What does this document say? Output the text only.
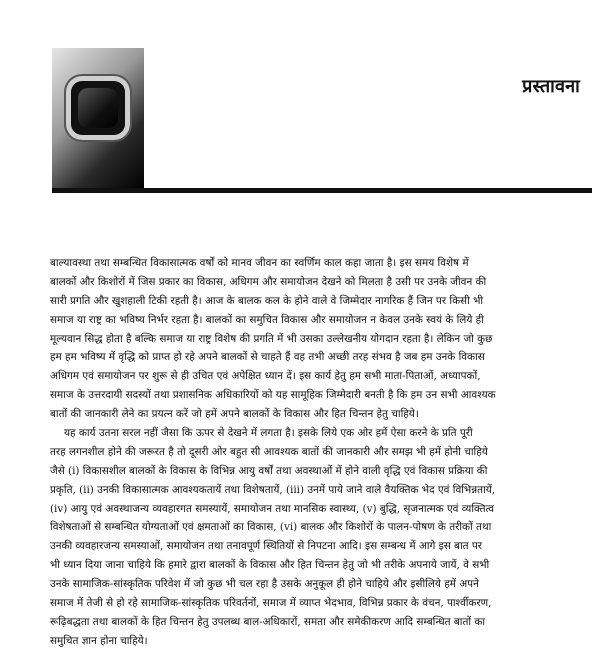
प्रस्तावना
बाल्यावस्था तथा सम्बन्धित विकासात्मक वर्षों को मानव जीवन का स्वर्णिम काल कहा जाता है। इस समय विशेष में
बालकों और किशोरों में जिस प्रकार का विकास, अधिगम और समायोजन देखने को मिलता है उसी पर उनके जीवन की
सारी प्रगति और खुशहाली टिकी रहती है। आज के बालक कल के होने वाले वे जिम्मेदार नागरिक हैं जिन पर किसी भी
समाज या राष्ट्र का भविष्य निर्भर रहता है। बालकों का समुचित विकास और समायोजन न केवल उनके स्वयं के लिये ही
मूल्यवान सिद्ध होता है बल्कि समाज या राष्ट्र विशेष की प्रगति में भी उसका उल्लेखनीय योगदान रहता है। लेकिन जो कुछ
हम हम भविष्य में वृद्धि को प्राप्त हो रहे अपने बालकों से चाहते हैं वह तभी अच्छी तरह संभव है जब हम उनके विकास
अधिगम एवं समायोजन पर शुरू से ही उचित एवं अपेक्षित ध्यान दें। इस कार्य हेतु हम सभी माता-पिताओं, अध्यापकों,
समाज के उत्तरदायी सदस्यों तथा प्रशासनिक अधिकारियों को यह सामूहिक जिम्मेदारी बनती है कि हम उन सभी आवश्यक
बातों की जानकारी लेने का प्रयत्न करें जो हमें अपने बालकों के विकास और हित चिन्तन हेतु चाहिये।
यह कार्य उतना सरल नहीं जैसा कि ऊपर से देखने में लगता है। इसके लिये एक ओर हमें ऐसा करने के प्रति पूरी
तरह लगनशील होने की जरूरत है तो दूसरी ओर बहुत सी आवश्यक बातों की जानकारी और समझ भी हमें होनी चाहिये
जैसे (i) विकासशील बालकों के विकास के विभिन्न आयु वर्षों तथा अवस्थाओं में होने वाली वृद्धि एवं विकास प्रक्रिया की
प्रकृति, (ii) उनकी विकासात्मक आवश्यकतायें तथा विशेषतायें, (iii) उनमें पाये जाने वाले वैयक्तिक भेद एवं विभिन्नतायें,
(iv) आयु एवं अवस्थाजन्य व्यवहारगत समस्यायें, समायोजन तथा मानसिक स्वास्थ्य, (v) बुद्धि, सृजनात्मक एवं व्यक्तित्व
विशेषताओं से सम्बन्धित योग्यताओं एवं क्षमताओं का विकास, (vi) बालक और किशोरों के पालन-पोषण के तरीकों तथा
उनकी व्यवहारजन्य समस्याओं, समायोजन तथा तनावपूर्ण स्थितियों से निपटना आदि। इस सम्बन्ध में आगे इस बात पर
भी ध्यान दिया जाना चाहिये कि हमारे द्वारा बालकों के विकास और हित चिन्तन हेतु जो भी तरीके अपनाये जायें, वे सभी
उनके सामाजिक-सांस्कृतिक परिवेश में जो कुछ भी चल रहा है उसके अनुकूल ही होने चाहिये और इसीलिये हमें अपने
समाज में तेजी से हो रहे सामाजिक-सांस्कृतिक परिवर्तनों, समाज में व्याप्त भेदभाव, विभिन्न प्रकार के वंचन, पार्श्वीकरण,
रूढ़िबद्धता तथा बालकों के हित चिन्तन हेतु उपलब्ध बाल-अधिकारों, समता और समेकीकरण आदि सम्बन्धित बातों का
समुचित ज्ञान होना चाहिये।
